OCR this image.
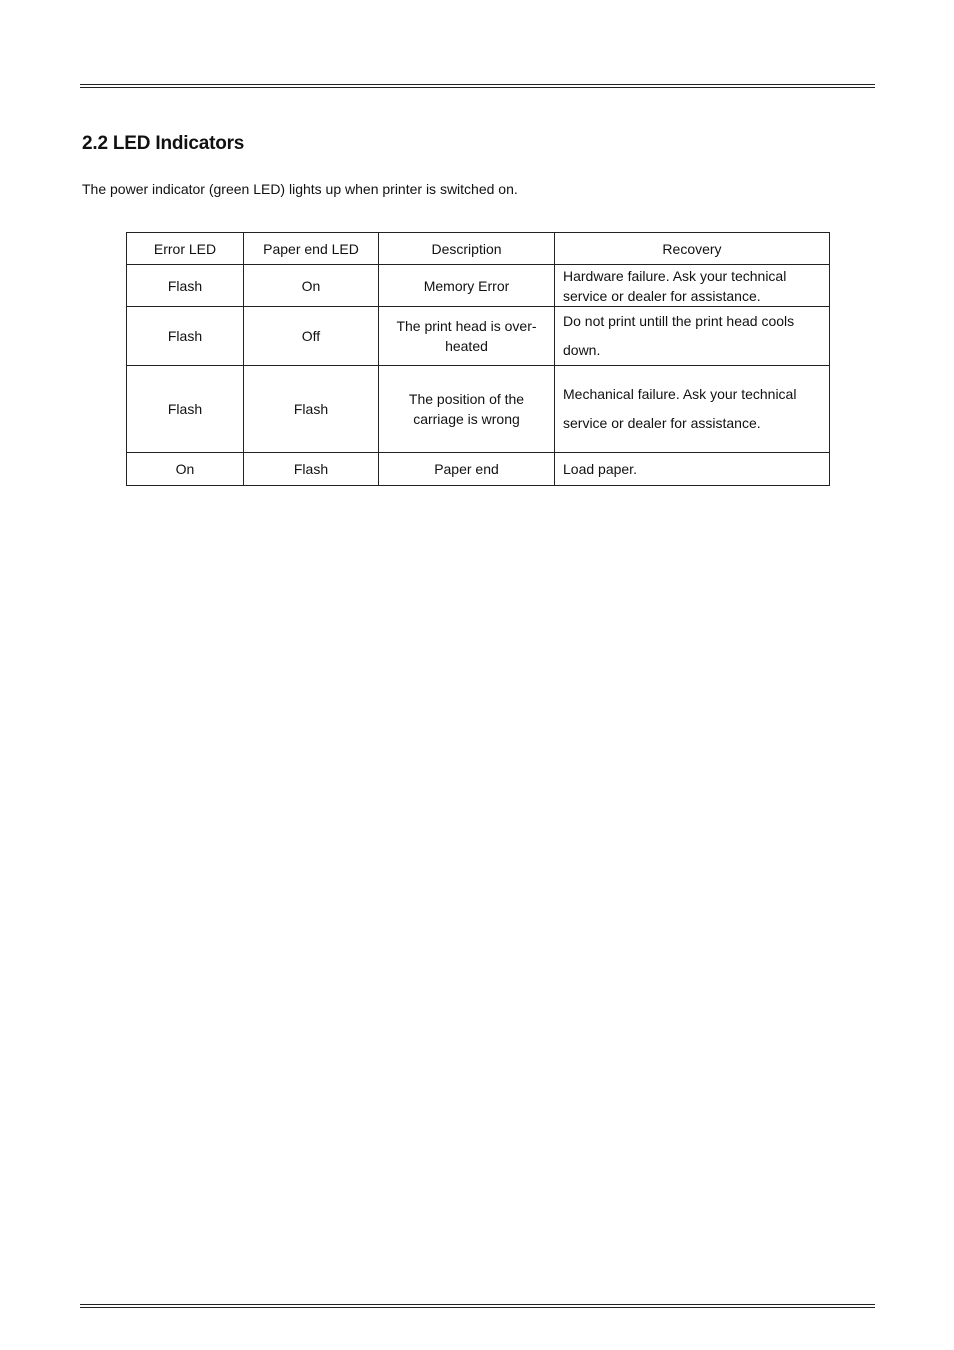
2.2 LED Indicators

The power indicator (green LED) lights up when printer is switched on.

Error LED	Paper end LED	Description	Recovery
Flash	On	Memory Error	Hardware failure. Ask your technical service or dealer for assistance.
Flash	Off	The print head is over-heated	Do not print untill the print head cools down.
Flash	Flash	The position of the carriage is wrong	Mechanical failure. Ask your technical service or dealer for assistance.
On	Flash	Paper end	Load paper.
